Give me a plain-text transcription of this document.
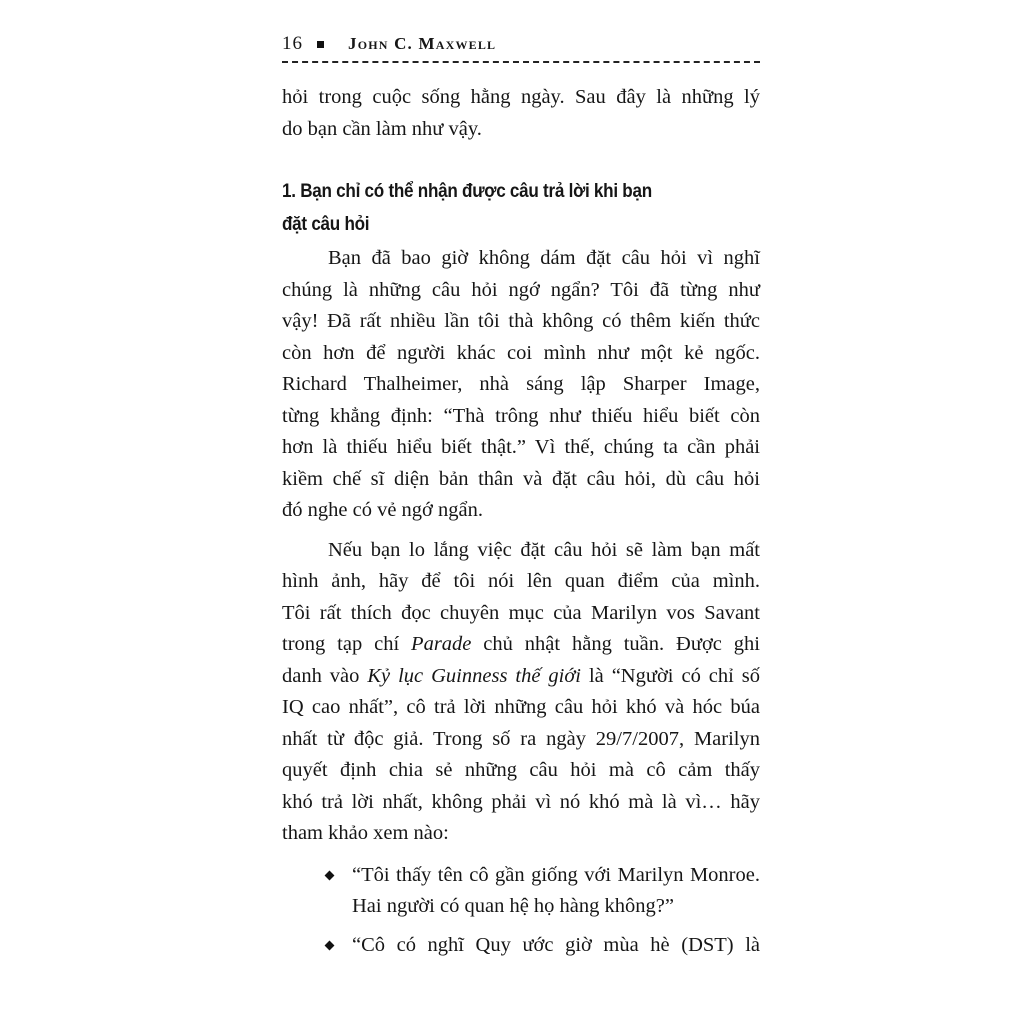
16	John C. Maxwell
hỏi trong cuộc sống hằng ngày. Sau đây là những lý
do bạn cần làm như vậy.
1. Bạn chỉ có thể nhận được câu trả lời khi bạn
đặt câu hỏi
Bạn đã bao giờ không dám đặt câu hỏi vì nghĩ
chúng là những câu hỏi ngớ ngẩn? Tôi đã từng như
vậy! Đã rất nhiều lần tôi thà không có thêm kiến thức
còn hơn để người khác coi mình như một kẻ ngốc.
Richard Thalheimer, nhà sáng lập Sharper Image,
từng khẳng định: “Thà trông như thiếu hiểu biết còn
hơn là thiếu hiểu biết thật.” Vì thế, chúng ta cần phải
kiềm chế sĩ diện bản thân và đặt câu hỏi, dù câu hỏi
đó nghe có vẻ ngớ ngẩn.
Nếu bạn lo lắng việc đặt câu hỏi sẽ làm bạn mất
hình ảnh, hãy để tôi nói lên quan điểm của mình.
Tôi rất thích đọc chuyên mục của Marilyn vos Savant
trong tạp chí Parade chủ nhật hằng tuần. Được ghi
danh vào Kỷ lục Guinness thế giới là “Người có chỉ số
IQ cao nhất”, cô trả lời những câu hỏi khó và hóc búa
nhất từ độc giả. Trong số ra ngày 29/7/2007, Marilyn
quyết định chia sẻ những câu hỏi mà cô cảm thấy
khó trả lời nhất, không phải vì nó khó mà là vì… hãy
tham khảo xem nào:
“Tôi thấy tên cô gần giống với Marilyn Monroe.
Hai người có quan hệ họ hàng không?”
“Cô có nghĩ Quy ước giờ mùa hè (DST) là
